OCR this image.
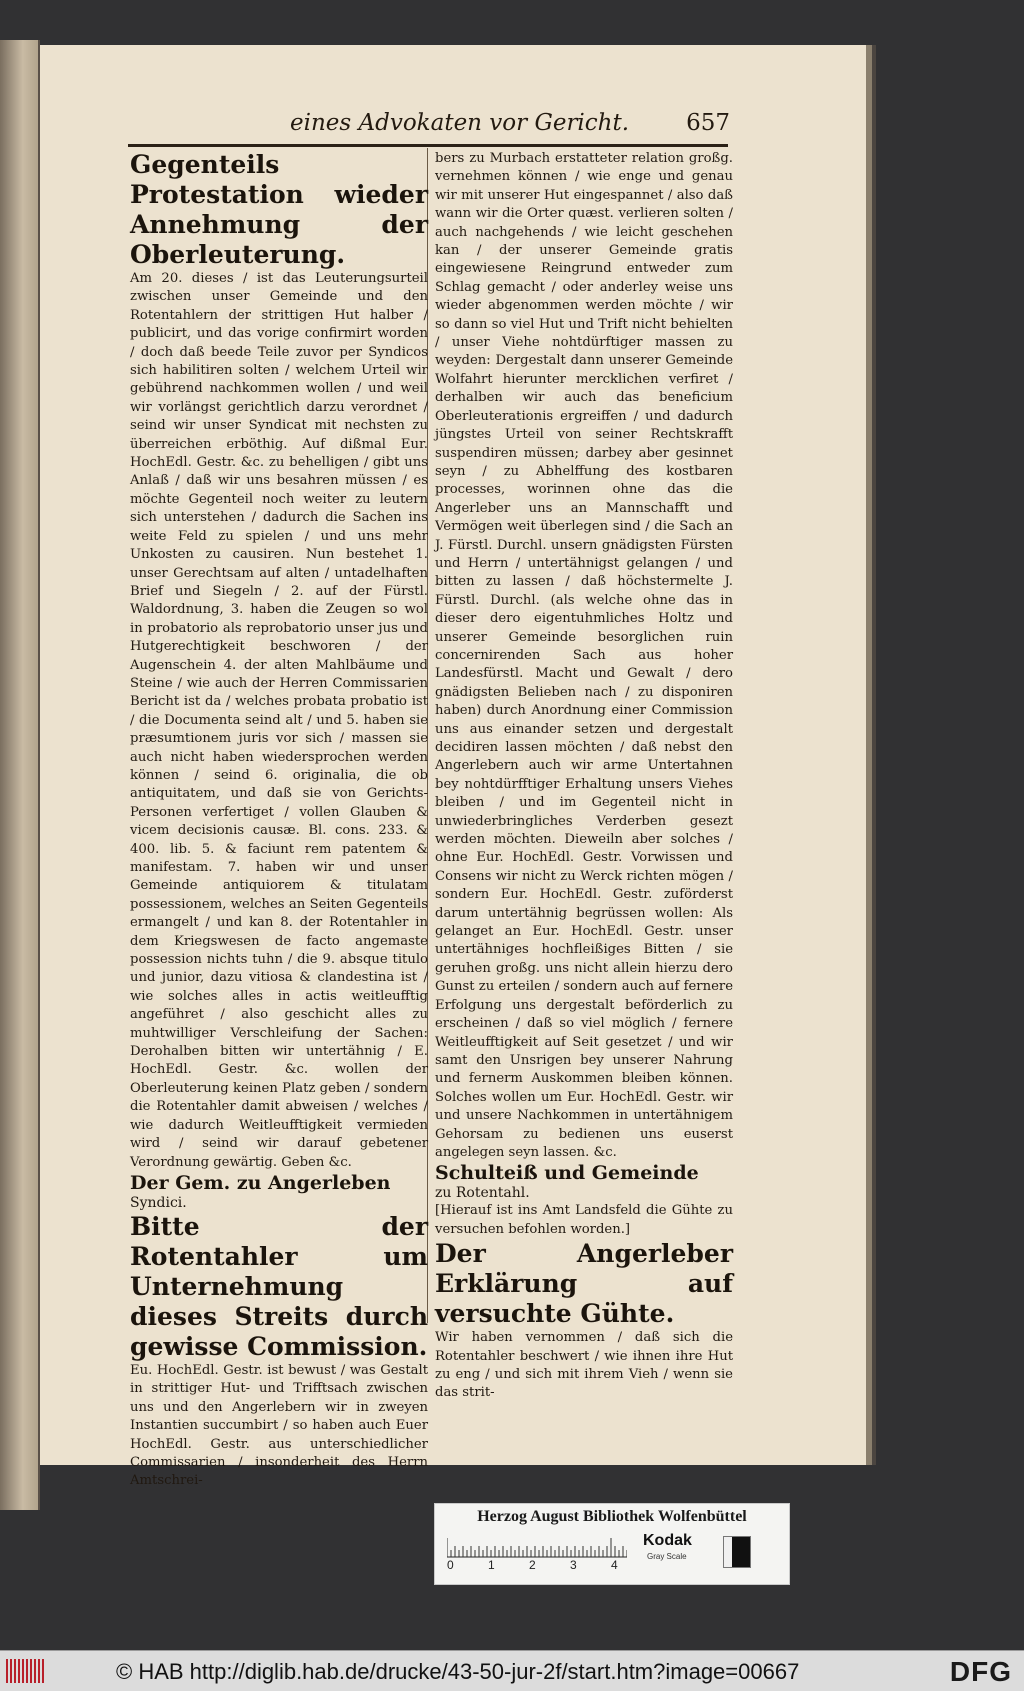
eines Advokaten vor Gericht. 657

Gegenteils Protestation wieder Annehmung der Oberleuterung.

Am 20. dieses / ist das Leuterungsurteil zwischen unser Gemeinde und den Rotentahlern der strittigen Hut halber / publicirt, und das vorige confirmirt worden / doch daß beede Teile zuvor per Syndicos sich habilitiren solten / welchem Urteil wir gebührend nachkommen wollen / und weil wir vorlängst gerichtlich darzu verordnet / seind wir unser Syndicat mit nechsten zu überreichen erböthig. Auf dißmal Eur. HochEdl. Gestr. &c. zu behelligen / gibt uns Anlaß / daß wir uns besahren müssen / es möchte Gegenteil noch weiter zu leutern sich unterstehen / dadurch die Sachen ins weite Feld zu spielen / und uns mehr Unkosten zu causiren. Nun bestehet 1. unser Gerechtsam auf alten / untadelhaften Brief und Siegeln / 2. auf der Fürstl. Waldordnung, 3. haben die Zeugen so wol in probatorio als reprobatorio unser jus und Hutgerechtigkeit beschworen / der Augenschein 4. der alten Mahlbäume und Steine / wie auch der Herren Commissarien Bericht ist da / welches probata probatio ist / die Documenta seind alt / und 5. haben sie præsumtionem juris vor sich / massen sie auch nicht haben wiedersprochen werden können / seind 6. originalia, die ob antiquitatem, und daß sie von Gerichts-Personen verfertiget / vollen Glauben & vicem decisionis causæ. Bl. cons. 233. & 400. lib. 5. & faciunt rem patentem & manifestam. 7. haben wir und unser Gemeinde antiquiorem & titulatam possessionem, welches an Seiten Gegenteils ermangelt / und kan 8. der Rotentahler in dem Kriegswesen de facto angemaste possession nichts tuhn / die 9. absque titulo und junior, dazu vitiosa & clandestina ist / wie solches alles in actis weitleufftig angeführet / also geschicht alles zu muhtwilliger Verschleifung der Sachen: Derohalben bitten wir untertähnig / E. HochEdl. Gestr. &c. wollen der Oberleuterung keinen Platz geben / sondern die Rotentahler damit abweisen / welches / wie dadurch Weitleufftigkeit vermieden wird / seind wir darauf gebetener Verordnung gewärtig. Geben &c.

Der Gem. zu Angerleben

Syndici.

Bitte der Rotentahler um Unternehmung dieses Streits durch gewisse Commission.

Eu. HochEdl. Gestr. ist bewust / was Gestalt in strittiger Hut- und Trifftsach zwischen uns und den Angerlebern wir in zweyen Instantien succumbirt / so haben auch Euer HochEdl. Gestr. aus unterschiedlicher Commissarien / insonderheit des Herrn Amtschrei-

bers zu Murbach erstatteter relation großg. vernehmen können / wie enge und genau wir mit unserer Hut eingespannet / also daß wann wir die Orter quæst. verlieren solten / auch nachgehends / wie leicht geschehen kan / der unserer Gemeinde gratis eingewiesene Reingrund entweder zum Schlag gemacht / oder anderley weise uns wieder abgenommen werden möchte / wir so dann so viel Hut und Trift nicht behielten / unser Viehe nohtdürftiger massen zu weyden: Dergestalt dann unserer Gemeinde Wolfahrt hierunter mercklichen verfiret / derhalben wir auch das beneficium Oberleuterationis ergreiffen / und dadurch jüngstes Urteil von seiner Rechtskrafft suspendiren müssen; darbey aber gesinnet seyn / zu Abhelffung des kostbaren processes, worinnen ohne das die Angerleber uns an Mannschafft und Vermögen weit überlegen sind / die Sach an J. Fürstl. Durchl. unsern gnädigsten Fürsten und Herrn / untertähnigst gelangen / und bitten zu lassen / daß höchstermelte J. Fürstl. Durchl. (als welche ohne das in dieser dero eigentuhmliches Holtz und unserer Gemeinde besorglichen ruin concernirenden Sach aus hoher Landesfürstl. Macht und Gewalt / dero gnädigsten Belieben nach / zu disponiren haben) durch Anordnung einer Commission uns aus einander setzen und dergestalt decidiren lassen möchten / daß nebst den Angerlebern auch wir arme Untertahnen bey nohtdürfftiger Erhaltung unsers Viehes bleiben / und im Gegenteil nicht in unwiederbringliches Verderben gesezt werden möchten. Dieweiln aber solches / ohne Eur. HochEdl. Gestr. Vorwissen und Consens wir nicht zu Werck richten mögen / sondern Eur. HochEdl. Gestr. zuförderst darum untertähnig begrüssen wollen: Als gelanget an Eur. HochEdl. Gestr. unser untertähniges hochfleißiges Bitten / sie geruhen großg. uns nicht allein hierzu dero Gunst zu erteilen / sondern auch auf fernere Erfolgung uns dergestalt beförderlich zu erscheinen / daß so viel möglich / fernere Weitleufftigkeit auf Seit gesetzet / und wir samt den Unsrigen bey unserer Nahrung und fernerm Auskommen bleiben können. Solches wollen um Eur. HochEdl. Gestr. wir und unsere Nachkommen in untertähnigem Gehorsam zu bedienen uns euserst angelegen seyn lassen. &c.

Schulteiß und Gemeinde

zu Rotentahl.

[Hierauf ist ins Amt Landsfeld die Gühte zu versuchen befohlen worden.]

Der Angerleber Erklärung auf versuchte Gühte.

Wir haben vernommen / daß sich die Rotentahler beschwert / wie ihnen ihre Hut zu eng / und sich mit ihrem Vieh / wenn sie das strit-

Herzog August Bibliothek Wolfenbüttel
0	1	2	3	4
Kodak
Gray Scale
© HAB http://diglib.hab.de/drucke/43-50-jur-2f/start.htm?image=00667	DFG
